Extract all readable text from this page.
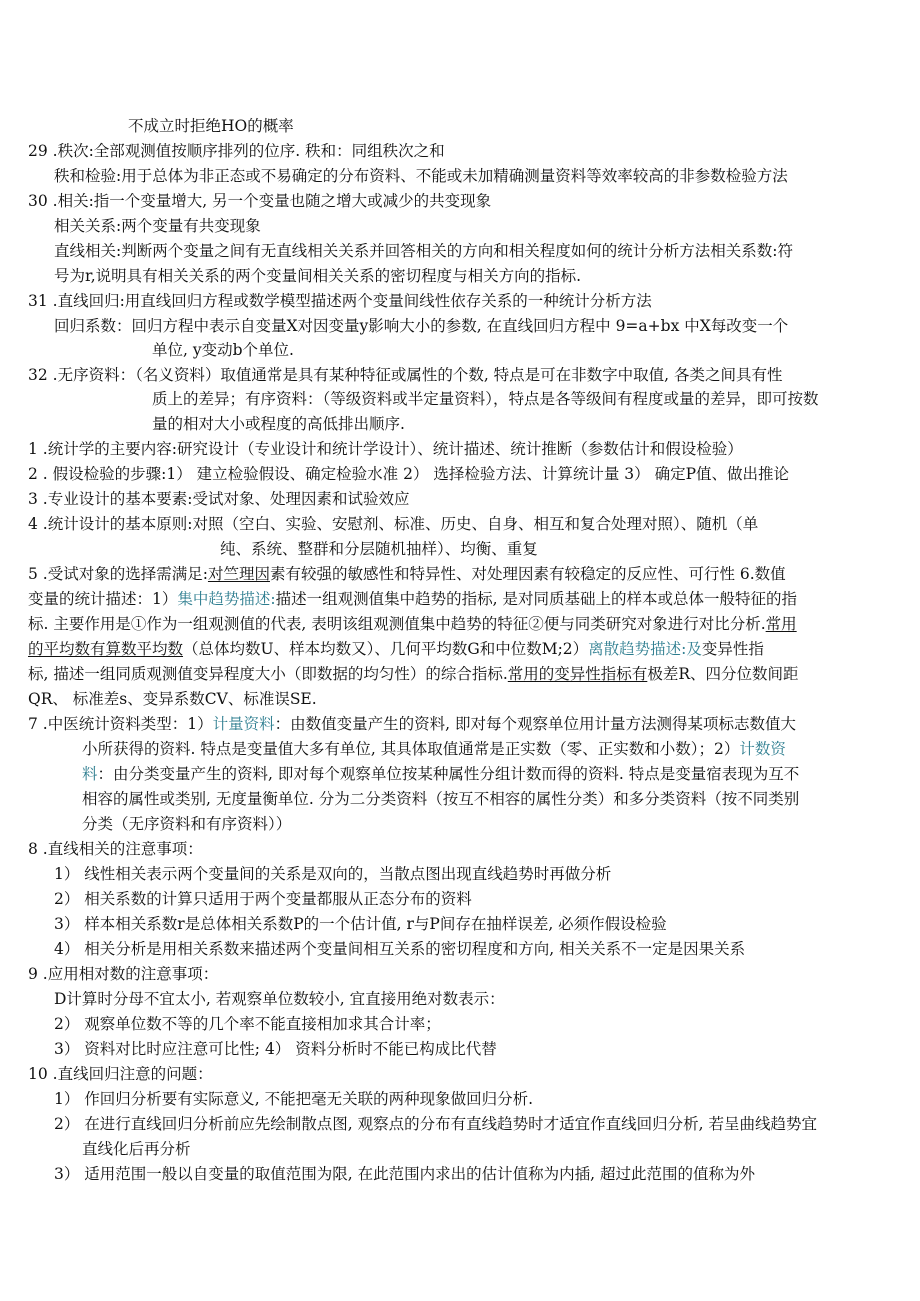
不成立时拒绝HO的概率
29 .秩次:全部观测值按顺序排列的位序. 秩和：同组秩次之和
秩和检验:用于总体为非正态或不易确定的分布资料、不能或未加精确测量资料等效率较高的非参数检验方法
30 .相关:指一个变量增大, 另一个变量也随之增大或减少的共变现象
相关关系:两个变量有共变现象
直线相关:判断两个变量之间有无直线相关关系并回答相关的方向和相关程度如何的统计分析方法相关系数:符
号为r,说明具有相关关系的两个变量间相关关系的密切程度与相关方向的指标.
31 .直线回归:用直线回归方程或数学模型描述两个变量间线性依存关系的一种统计分析方法
回归系数：回归方程中表示自变量X对因变量y影响大小的参数, 在直线回归方程中 9=a+bx 中X每改变一个
单位, y变动b个单位.
32 .无序资料：（名义资料）取值通常是具有某种特征或属性的个数, 特点是可在非数字中取值, 各类之间具有性
质上的差异；有序资料：（等级资料或半定量资料），特点是各等级间有程度或量的差异，即可按数
量的相对大小或程度的高低排出顺序.
1 .统计学的主要内容:研究设计（专业设计和统计学设计）、统计描述、统计推断（参数估计和假设检验）
2 . 假设检验的步骤:1） 建立检验假设、确定检验水准 2） 选择检验方法、计算统计量 3） 确定P值、做出推论
3 .专业设计的基本要素:受试对象、处理因素和试验效应
4 .统计设计的基本原则:对照（空白、实验、安慰剂、标准、历史、自身、相互和复合处理对照）、随机（单
纯、系统、整群和分层随机抽样）、均衡、重复
5 .受试对象的选择需满足:对竺理因素有较强的敏感性和特异性、对处理因素有较稳定的反应性、可行性 6.数值
变量的统计描述：1）集中趋势描述:描述一组观测值集中趋势的指标, 是对同质基础上的样本或总体一般特征的指
标. 主要作用是①作为一组观测值的代表, 表明该组观测值集中趋势的特征②便与同类研究对象进行对比分析.常用
的平均数有算数平均数（总体均数U、样本均数又）、几何平均数G和中位数M;2）离散趋势描述:及变异性指
标, 描述一组同质观测值变异程度大小（即数据的均匀性）的综合指标.常用的变异性指标有极差R、四分位数间距
QR、 标准差s、变异系数CV、标准误SE.
7 .中医统计资料类型：1）计量资料：由数值变量产生的资料, 即对每个观察单位用计量方法测得某项标志数值大
小所获得的资料. 特点是变量值大多有单位, 其具体取值通常是正实数（零、正实数和小数）；2）计数资
料：由分类变量产生的资料, 即对每个观察单位按某种属性分组计数而得的资料. 特点是变量宿表现为互不
相容的属性或类别, 无度量衡单位. 分为二分类资料（按互不相容的属性分类）和多分类资料（按不同类别
分类（无序资料和有序资料））
8 .直线相关的注意事项：
1） 线性相关表示两个变量间的关系是双向的，当散点图出现直线趋势时再做分析
2） 相关系数的计算只适用于两个变量都服从正态分布的资料
3） 样本相关系数r是总体相关系数P的一个估计值, r与P间存在抽样误差, 必须作假设检验
4） 相关分析是用相关系数来描述两个变量间相互关系的密切程度和方向, 相关关系不一定是因果关系
9 .应用相对数的注意事项：
D计算时分母不宜太小, 若观察单位数较小, 宜直接用绝对数表示：
2） 观察单位数不等的几个率不能直接相加求其合计率；
3） 资料对比时应注意可比性; 4） 资料分析时不能已构成比代替
10 .直线回归注意的问题：
1） 作回归分析要有实际意义, 不能把毫无关联的两种现象做回归分析.
2） 在进行直线回归分析前应先绘制散点图, 观察点的分布有直线趋势时才适宜作直线回归分析, 若呈曲线趋势宜
直线化后再分析
3） 适用范围一般以自变量的取值范围为限, 在此范围内求出的估计值称为内插, 超过此范围的值称为外
